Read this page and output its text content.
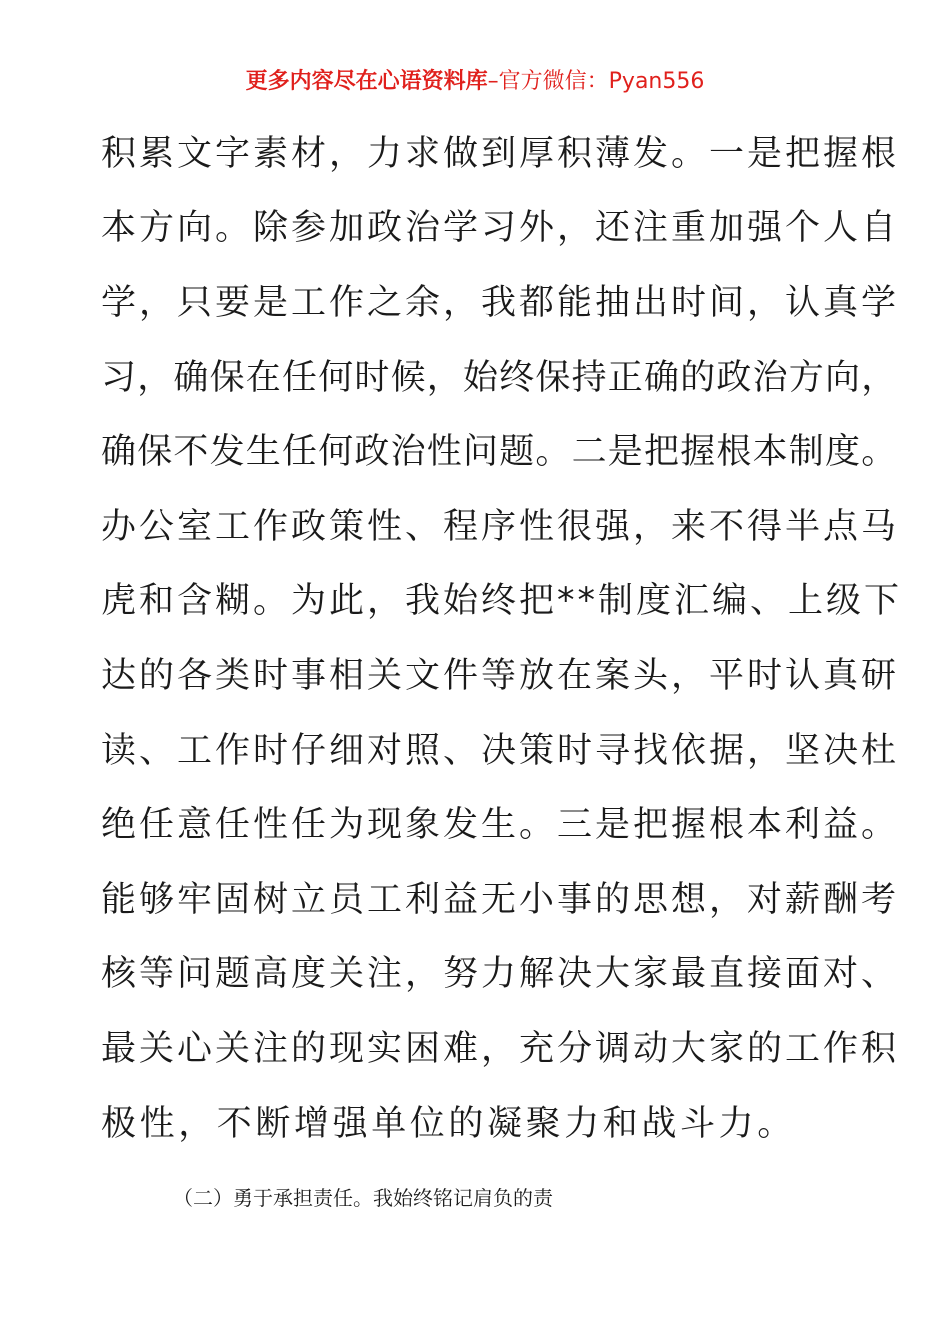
更多内容尽在心语资料库–官方微信：Pyan556
积累文字素材，力求做到厚积薄发。一是把握根
本方向。除参加政治学习外，还注重加强个人自
学，只要是工作之余，我都能抽出时间，认真学
习，确保在任何时候，始终保持正确的政治方向，
确保不发生任何政治性问题。二是把握根本制度。
办公室工作政策性、程序性很强，来不得半点马
虎和含糊。为此，我始终把**制度汇编、上级下
达的各类时事相关文件等放在案头，平时认真研
读、工作时仔细对照、决策时寻找依据，坚决杜
绝任意任性任为现象发生。三是把握根本利益。
能够牢固树立员工利益无小事的思想，对薪酬考
核等问题高度关注，努力解决大家最直接面对、
最关心关注的现实困难，充分调动大家的工作积
极性，不断增强单位的凝聚力和战斗力。
（二）勇于承担责任。我始终铭记肩负的责
